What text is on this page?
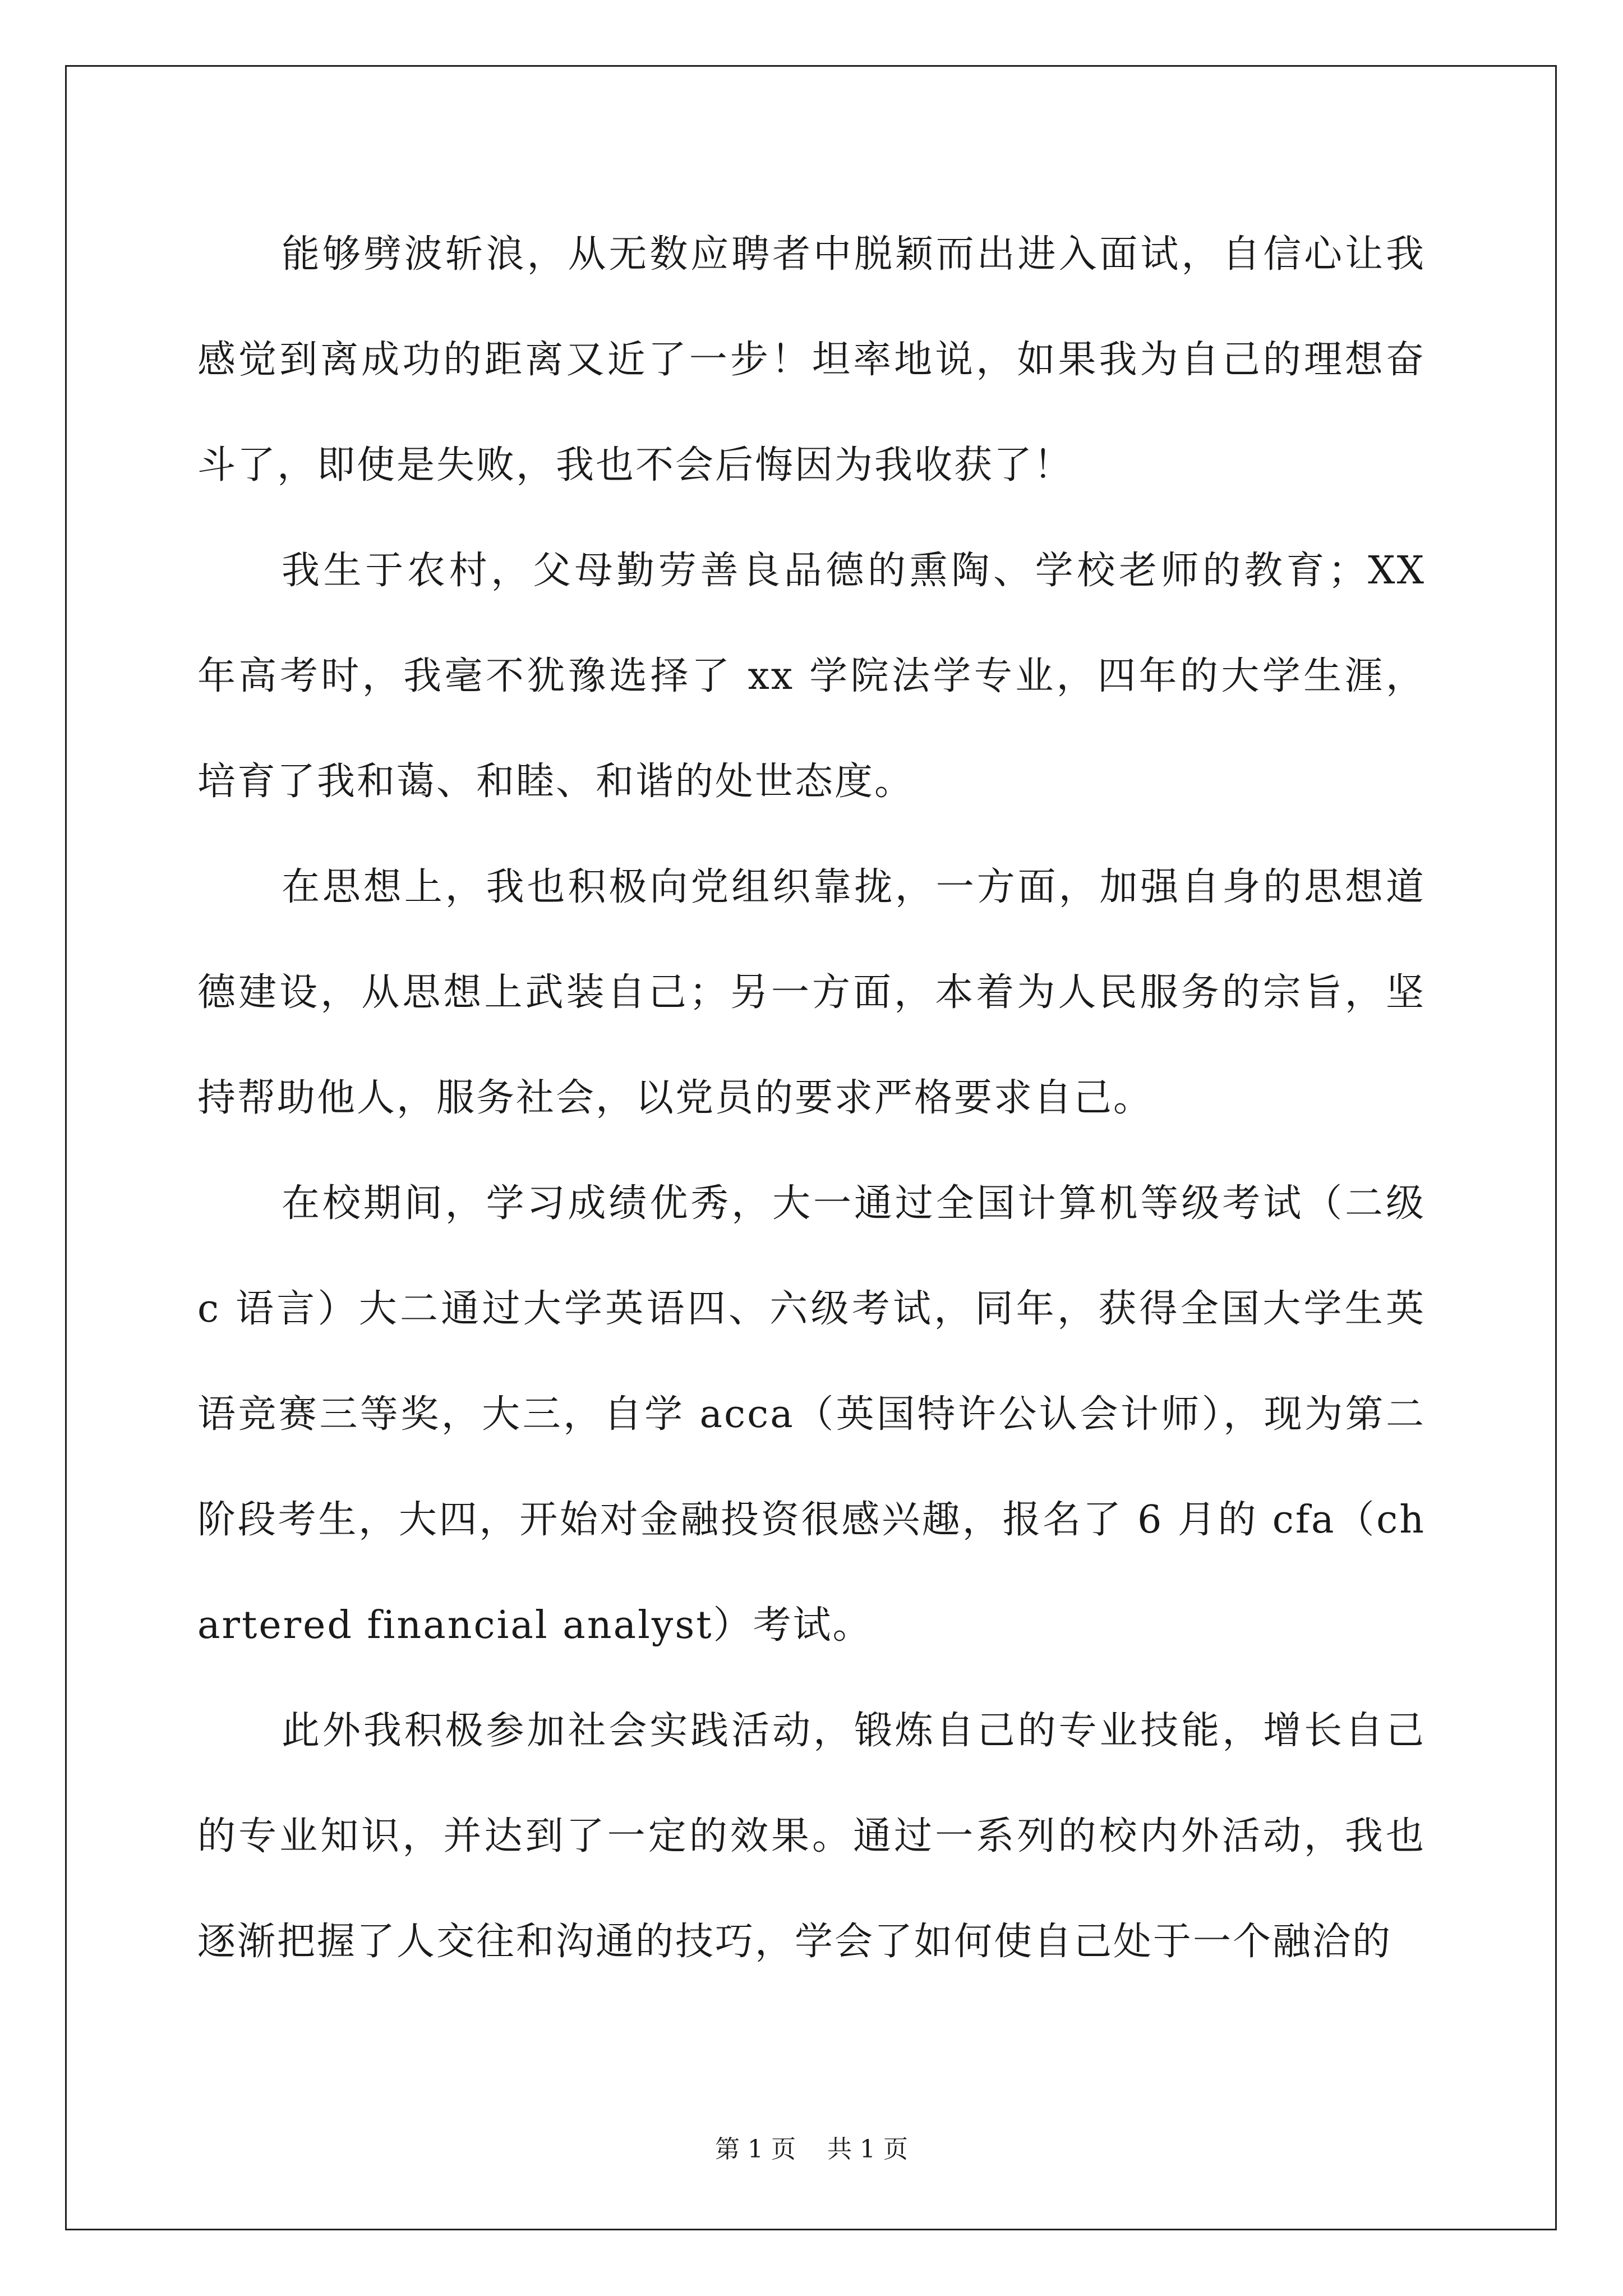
能够劈波斩浪，从无数应聘者中脱颖而出进入面试，自信心让我感觉到离成功的距离又近了一步！坦率地说，如果我为自己的理想奋斗了，即使是失败，我也不会后悔因为我收获了！

我生于农村，父母勤劳善良品德的熏陶、学校老师的教育；XX 年高考时，我毫不犹豫选择了 xx 学院法学专业，四年的大学生涯，培育了我和蔼、和睦、和谐的处世态度。

在思想上，我也积极向党组织靠拢，一方面，加强自身的思想道德建设，从思想上武装自己；另一方面，本着为人民服务的宗旨，坚持帮助他人，服务社会，以党员的要求严格要求自己。

在校期间，学习成绩优秀，大一通过全国计算机等级考试（二级 c 语言）大二通过大学英语四、六级考试，同年，获得全国大学生英语竞赛三等奖，大三，自学 acca（英国特许公认会计师），现为第二阶段考生，大四，开始对金融投资很感兴趣，报名了 6 月的 cfa（chartered financial analyst）考试。

此外我积极参加社会实践活动，锻炼自己的专业技能，增长自己的专业知识，并达到了一定的效果。通过一系列的校内外活动，我也逐渐把握了人交往和沟通的技巧，学会了如何使自己处于一个融洽的

第 1 页 共 1 页
